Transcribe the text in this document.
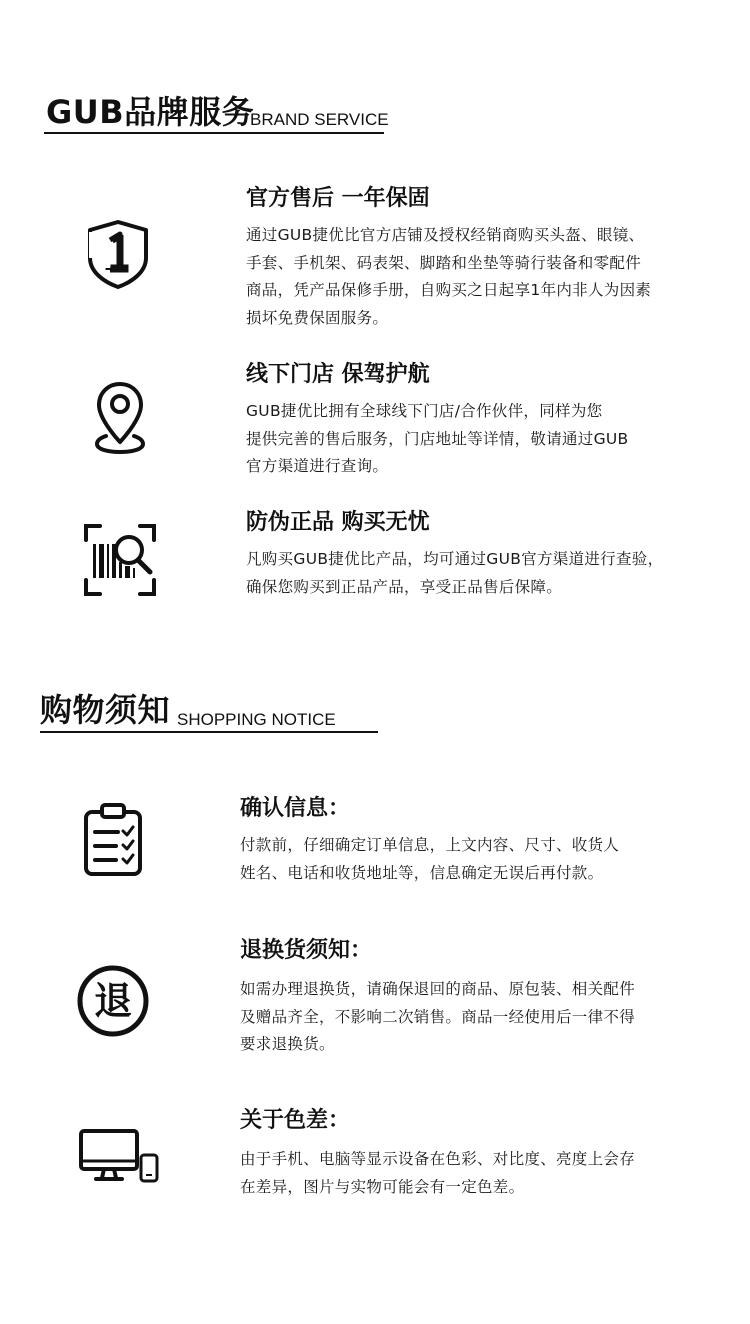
GUB品牌服务
BRAND SERVICE
官方售后 一年保固
通过GUB捷优比官方店铺及授权经销商购买头盔、眼镜、
手套、手机架、码表架、脚踏和坐垫等骑行装备和零配件
商品，凭产品保修手册，自购买之日起享1年内非人为因素
损坏免费保固服务。
线下门店 保驾护航
GUB捷优比拥有全球线下门店/合作伙伴，同样为您
提供完善的售后服务，门店地址等详情，敬请通过GUB
官方渠道进行查询。
防伪正品 购买无忧
凡购买GUB捷优比产品，均可通过GUB官方渠道进行查验，
确保您购买到正品产品，享受正品售后保障。
购物须知 SHOPPING NOTICE
确认信息：
付款前，仔细确定订单信息，上文内容、尺寸、收货人
姓名、电话和收货地址等，信息确定无误后再付款。
退
退换货须知：
如需办理退换货，请确保退回的商品、原包装、相关配件
及赠品齐全，不影响二次销售。商品一经使用后一律不得
要求退换货。
关于色差：
由于手机、电脑等显示设备在色彩、对比度、亮度上会存
在差异，图片与实物可能会有一定色差。
